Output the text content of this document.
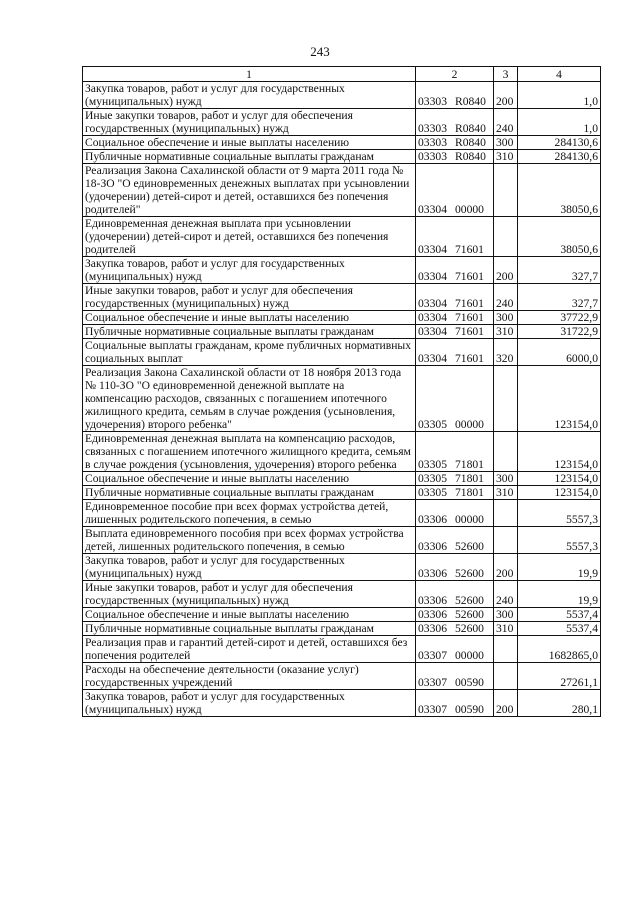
243
1	2	3	4
Закупка товаров, работ и услуг для государственных (муниципальных) нужд	03303 R0840	200	1,0
Иные закупки товаров, работ и услуг для обеспечения государственных (муниципальных) нужд	03303 R0840	240	1,0
Социальное обеспечение и иные выплаты населению	03303 R0840	300	284130,6
Публичные нормативные социальные выплаты гражданам	03303 R0840	310	284130,6
Реализация Закона Сахалинской области от 9 марта 2011 года № 18-ЗО "О единовременных денежных выплатах при усыновлении (удочерении) детей-сирот и детей, оставшихся без попечения родителей"	03304 00000		38050,6
Единовременная денежная выплата при усыновлении (удочерении) детей-сирот и детей, оставшихся без попечения родителей	03304 71601		38050,6
Закупка товаров, работ и услуг для государственных (муниципальных) нужд	03304 71601	200	327,7
Иные закупки товаров, работ и услуг для обеспечения государственных (муниципальных) нужд	03304 71601	240	327,7
Социальное обеспечение и иные выплаты населению	03304 71601	300	37722,9
Публичные нормативные социальные выплаты гражданам	03304 71601	310	31722,9
Социальные выплаты гражданам, кроме публичных нормативных социальных выплат	03304 71601	320	6000,0
Реализация Закона Сахалинской области от 18 ноября 2013 года № 110-ЗО "О единовременной денежной выплате на компенсацию расходов, связанных с погашением ипотечного жилищного кредита, семьям в случае рождения (усыновления, удочерения) второго ребенка"	03305 00000		123154,0
Единовременная денежная выплата на компенсацию расходов, связанных с погашением ипотечного жилищного кредита, семьям в случае рождения (усыновления, удочерения) второго ребенка	03305 71801		123154,0
Социальное обеспечение и иные выплаты населению	03305 71801	300	123154,0
Публичные нормативные социальные выплаты гражданам	03305 71801	310	123154,0
Единовременное пособие при всех формах устройства детей, лишенных родительского попечения, в семью	03306 00000		5557,3
Выплата единовременного пособия при всех формах устройства детей, лишенных родительского попечения, в семью	03306 52600		5557,3
Закупка товаров, работ и услуг для государственных (муниципальных) нужд	03306 52600	200	19,9
Иные закупки товаров, работ и услуг для обеспечения государственных (муниципальных) нужд	03306 52600	240	19,9
Социальное обеспечение и иные выплаты населению	03306 52600	300	5537,4
Публичные нормативные социальные выплаты гражданам	03306 52600	310	5537,4
Реализация прав и гарантий детей-сирот и детей, оставшихся без попечения родителей	03307 00000		1682865,0
Расходы на обеспечение деятельности (оказание услуг) государственных учреждений	03307 00590		27261,1
Закупка товаров, работ и услуг для государственных (муниципальных) нужд	03307 00590	200	280,1
